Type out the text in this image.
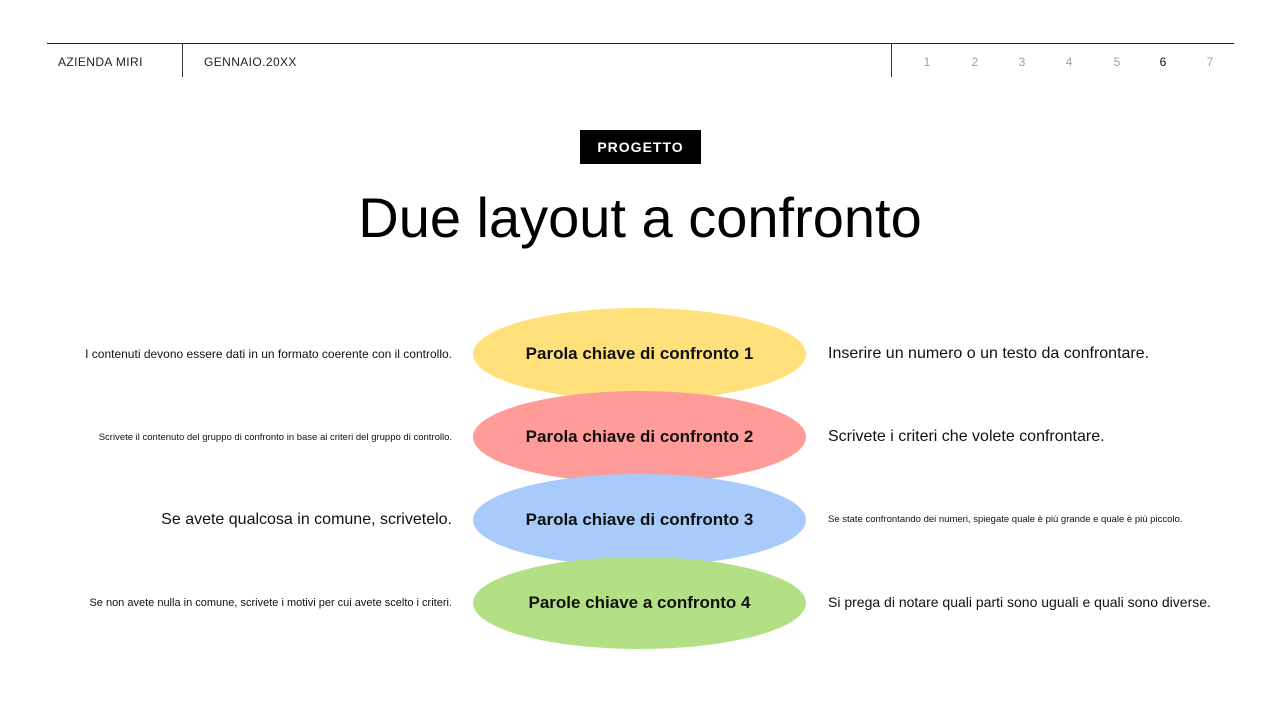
AZIENDA MIRI	GENNAIO.20XX	1	2	3	4	5	6	7
PROGETTO
Due layout a confronto
Parola chiave di confronto 1
Parola chiave di confronto 2
Parola chiave di confronto 3
Parole chiave a confronto 4
I contenuti devono essere dati in un formato coerente con il controllo.
Scrivete il contenuto del gruppo di confronto in base ai criteri del gruppo di controllo.
Se avete qualcosa in comune, scrivetelo.
Se non avete nulla in comune, scrivete i motivi per cui avete scelto i criteri.
Inserire un numero o un testo da confrontare.
Scrivete i criteri che volete confrontare.
Se state confrontando dei numeri, spiegate quale è più grande e quale è più piccolo.
Si prega di notare quali parti sono uguali e quali sono diverse.
